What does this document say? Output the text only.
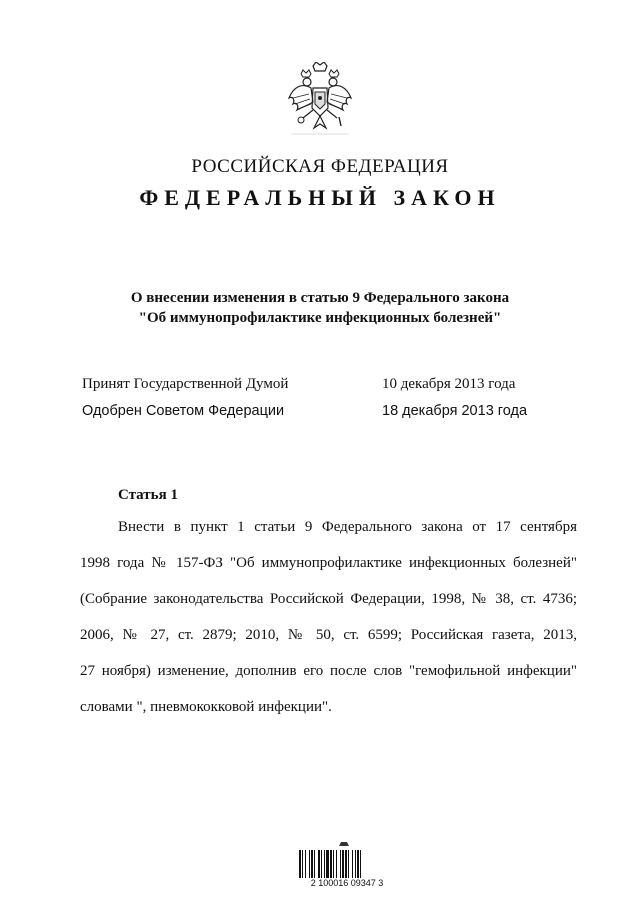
РОССИЙСКАЯ ФЕДЕРАЦИЯ
ФЕДЕРАЛЬНЫЙ ЗАКОН
О внесении изменения в статью 9 Федерального закона
"Об иммунопрофилактике инфекционных болезней"
Принят Государственной Думой	10 декабря 2013 года
Одобрен Советом Федерации	18 декабря 2013 года
Статья 1
Внести в пункт 1 статьи 9 Федерального закона от 17 сентября
1998 года № 157-ФЗ "Об иммунопрофилактике инфекционных болезней"
(Собрание законодательства Российской Федерации, 1998, № 38, ст. 4736;
2006, № 27, ст. 2879; 2010, № 50, ст. 6599; Российская газета, 2013,
27 ноября) изменение, дополнив его после слов "гемофильной инфекции"
словами ", пневмококковой инфекции".
2 100016 09347 3
